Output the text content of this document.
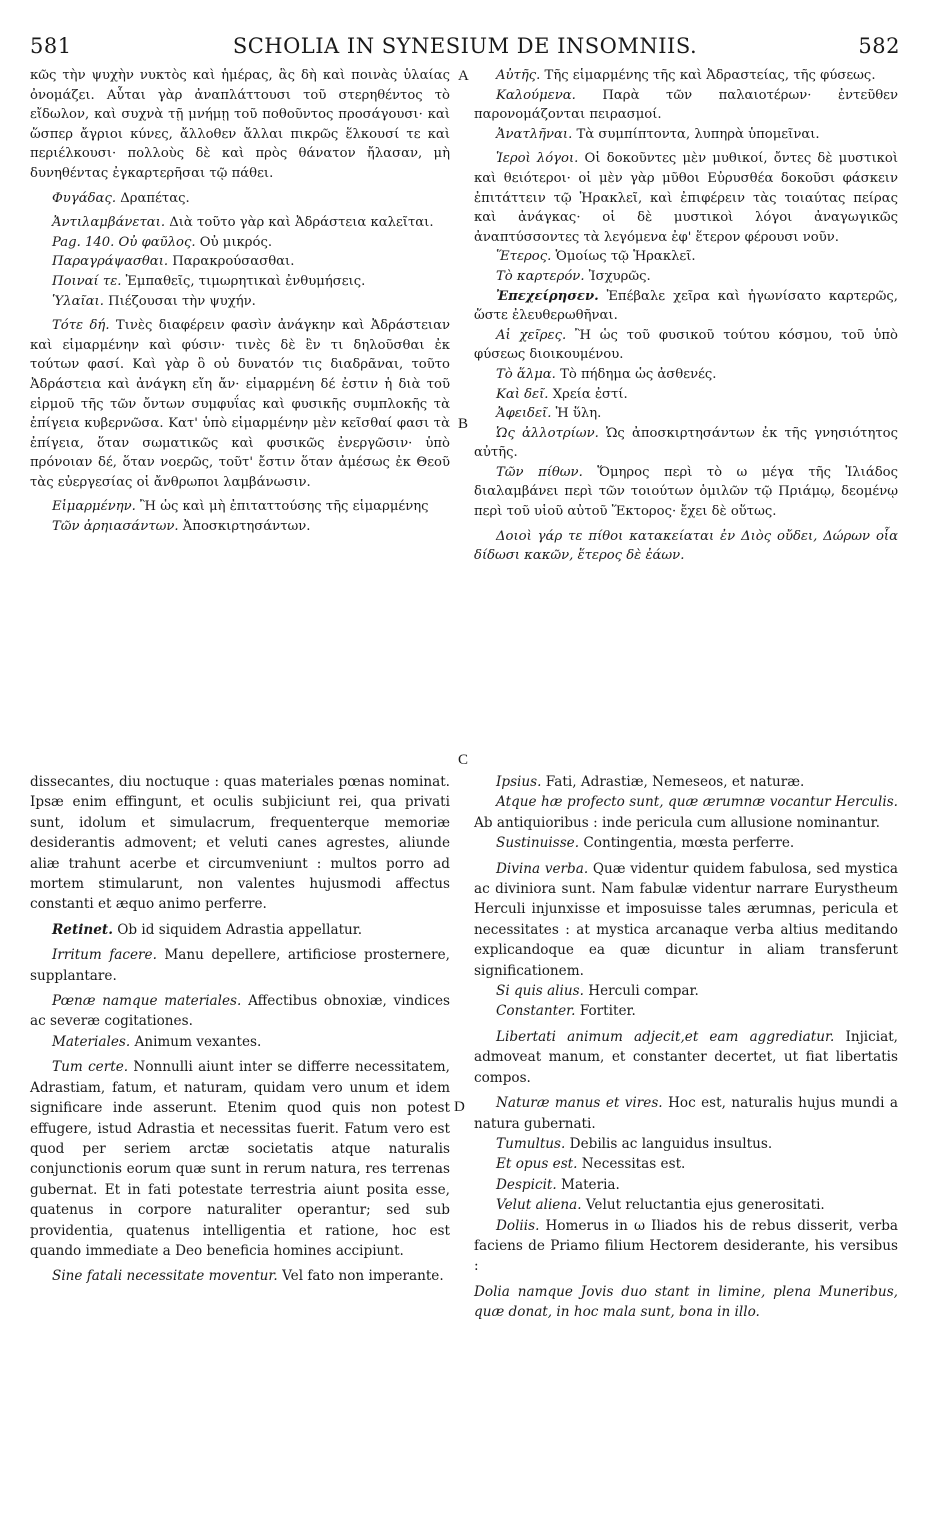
581	SCHOLIA IN SYNESIUM DE INSOMNIIS.	582
A
B
C
D

κῶς τὴν ψυχὴν νυκτὸς καὶ ἡμέρας, ἃς δὴ καὶ ποινὰς ὑλαίας ὀνομάζει. Αὗται γὰρ ἀναπλάττουσι τοῦ στερηθέντος τὸ εἴδωλον, καὶ συχνὰ τῇ μνήμῃ τοῦ ποθοῦντος προσάγουσι· καὶ ὥσπερ ἄγριοι κύνες, ἄλλοθεν ἄλλαι πικρῶς ἕλκουσί τε καὶ περιέλκουσι· πολλοὺς δὲ καὶ πρὸς θάνατον ἤλασαν, μὴ δυνηθέντας ἐγκαρτερῆσαι τῷ πάθει.

Φυγάδας. Δραπέτας.

Ἀντιλαμβάνεται. Διὰ τοῦτο γὰρ καὶ Ἀδράστεια καλεῖται.

Pag. 140. Οὐ φαῦλος. Οὐ μικρός.

Παραγράψασθαι. Παρακρούσασθαι.

Ποιναί τε. Ἐμπαθεῖς, τιμωρητικαὶ ἐνθυμήσεις.

Ὑλαῖαι. Πιέζουσαι τὴν ψυχήν.

Τότε δή. Τινὲς διαφέρειν φασὶν ἀνάγκην καὶ Ἀδράστειαν καὶ εἱμαρμένην καὶ φύσιν· τινὲς δὲ ἓν τι δηλοῦσθαι ἐκ τούτων φασί. Καὶ γὰρ ὃ οὐ δυνατόν τις διαδρᾶναι, τοῦτο Ἀδράστεια καὶ ἀνάγκη εἴη ἄν· εἱμαρμένη δέ ἐστιν ἡ διὰ τοῦ εἱρμοῦ τῆς τῶν ὄντων συμφυΐας καὶ φυσικῆς συμπλοκῆς τὰ ἐπίγεια κυβερνῶσα. Κατ' ὑπὸ εἱμαρμένην μὲν κεῖσθαί φασι τὰ ἐπίγεια, ὅταν σωματικῶς καὶ φυσικῶς ἐνεργῶσιν· ὑπὸ πρόνοιαν δέ, ὅταν νοερῶς, τοῦτ' ἔστιν ὅταν ἀμέσως ἐκ Θεοῦ τὰς εὐεργεσίας οἱ ἄνθρωποι λαμβάνωσιν.

Εἱμαρμένην. Ἢ ὡς καὶ μὴ ἐπιταττούσης τῆς εἱμαρμένης

Τῶν ἀρηιασάντων. Ἀποσκιρτησάντων.

Αὐτῆς. Τῆς εἱμαρμένης τῆς καὶ Ἀδραστείας, τῆς φύσεως.

Καλούμενα. Παρὰ τῶν παλαιοτέρων· ἐντεῦθεν παρονομάζονται πειρασμοί.

Ἀνατλῆναι. Τὰ συμπίπτοντα, λυπηρὰ ὑπομεῖναι.

Ἱεροὶ λόγοι. Οἱ δοκοῦντες μὲν μυθικοί, ὄντες δὲ μυστικοὶ καὶ θειότεροι· οἱ μὲν γὰρ μῦθοι Εὐρυσθέα δοκοῦσι φάσκειν ἐπιτάττειν τῷ Ἡρακλεῖ, καὶ ἐπιφέρειν τὰς τοιαύτας πείρας καὶ ἀνάγκας· οἱ δὲ μυστικοὶ λόγοι ἀναγωγικῶς ἀναπτύσσοντες τὰ λεγόμενα ἐφ' ἕτερον φέρουσι νοῦν.

Ἕτερος. Ὁμοίως τῷ Ἡρακλεῖ.

Τὸ καρτερόν. Ἰσχυρῶς.

Ἐπεχείρησεν. Ἐπέβαλε χεῖρα καὶ ἠγωνίσατο καρτερῶς, ὥστε ἐλευθερωθῆναι.

Αἱ χεῖρες. Ἢ ὡς τοῦ φυσικοῦ τούτου κόσμου, τοῦ ὑπὸ φύσεως διοικουμένου.

Τὸ ἅλμα. Τὸ πήδημα ὡς ἀσθενές.

Καὶ δεῖ. Χρεία ἐστί.

Ἀφειδεῖ. Ἡ ὕλη.

Ὡς ἀλλοτρίων. Ὡς ἀποσκιρτησάντων ἐκ τῆς γνησιότητος αὐτῆς.

Τῶν πίθων. Ὅμηρος περὶ τὸ ω μέγα τῆς Ἰλιάδος διαλαμβάνει περὶ τῶν τοιούτων ὁμιλῶν τῷ Πριάμῳ, δεομένῳ περὶ τοῦ υἱοῦ αὐτοῦ Ἕκτορος· ἔχει δὲ οὕτως.

Δοιοὶ γάρ τε πίθοι κατακείαται ἐν Διὸς οὔδει, Δώρων οἷα δίδωσι κακῶν, ἕτερος δὲ ἐάων.

dissecantes, diu noctuque : quas materiales pœnas nominat. Ipsæ enim effingunt, et oculis subjiciunt rei, qua privati sunt, idolum et simulacrum, frequenterque memoriæ desiderantis admovent; et veluti canes agrestes, aliunde aliæ trahunt acerbe et circumveniunt : multos porro ad mortem stimularunt, non valentes hujusmodi affectus constanti et æquo animo perferre.

Retinet. Ob id siquidem Adrastia appellatur.

Irritum facere. Manu depellere, artificiose prosternere, supplantare.

Pœnæ namque materiales. Affectibus obnoxiæ, vindices ac severæ cogitationes.

Materiales. Animum vexantes.

Tum certe. Nonnulli aiunt inter se differre necessitatem, Adrastiam, fatum, et naturam, quidam vero unum et idem significare inde asserunt. Etenim quod quis non potest effugere, istud Adrastia et necessitas fuerit. Fatum vero est quod per seriem arctæ societatis atque naturalis conjunctionis eorum quæ sunt in rerum natura, res terrenas gubernat. Et in fati potestate terrestria aiunt posita esse, quatenus in corpore naturaliter operantur; sed sub providentia, quatenus intelligentia et ratione, hoc est quando immediate a Deo beneficia homines accipiunt.

Sine fatali necessitate moventur. Vel fato non imperante.

Ipsius. Fati, Adrastiæ, Nemeseos, et naturæ.

Atque hæ profecto sunt, quæ ærumnæ vocantur Herculis. Ab antiquioribus : inde pericula cum allusione nominantur.

Sustinuisse. Contingentia, mœsta perferre.

Divina verba. Quæ videntur quidem fabulosa, sed mystica ac diviniora sunt. Nam fabulæ videntur narrare Eurystheum Herculi injunxisse et imposuisse tales ærumnas, pericula et necessitates : at mystica arcanaque verba altius meditando explicandoque ea quæ dicuntur in aliam transferunt significationem.

Si quis alius. Herculi compar.

Constanter. Fortiter.

Libertati animum adjecit,et eam aggrediatur. Injiciat, admoveat manum, et constanter decertet, ut fiat libertatis compos.

Naturæ manus et vires. Hoc est, naturalis hujus mundi a natura gubernati.

Tumultus. Debilis ac languidus insultus.

Et opus est. Necessitas est.

Despicit. Materia.

Velut aliena. Velut reluctantia ejus generositati.

Doliis. Homerus in ω Iliados his de rebus disserit, verba faciens de Priamo filium Hectorem desiderante, his versibus :

Dolia namque Jovis duo stant in limine, plena Muneribus, quæ donat, in hoc mala sunt, bona in illo.
